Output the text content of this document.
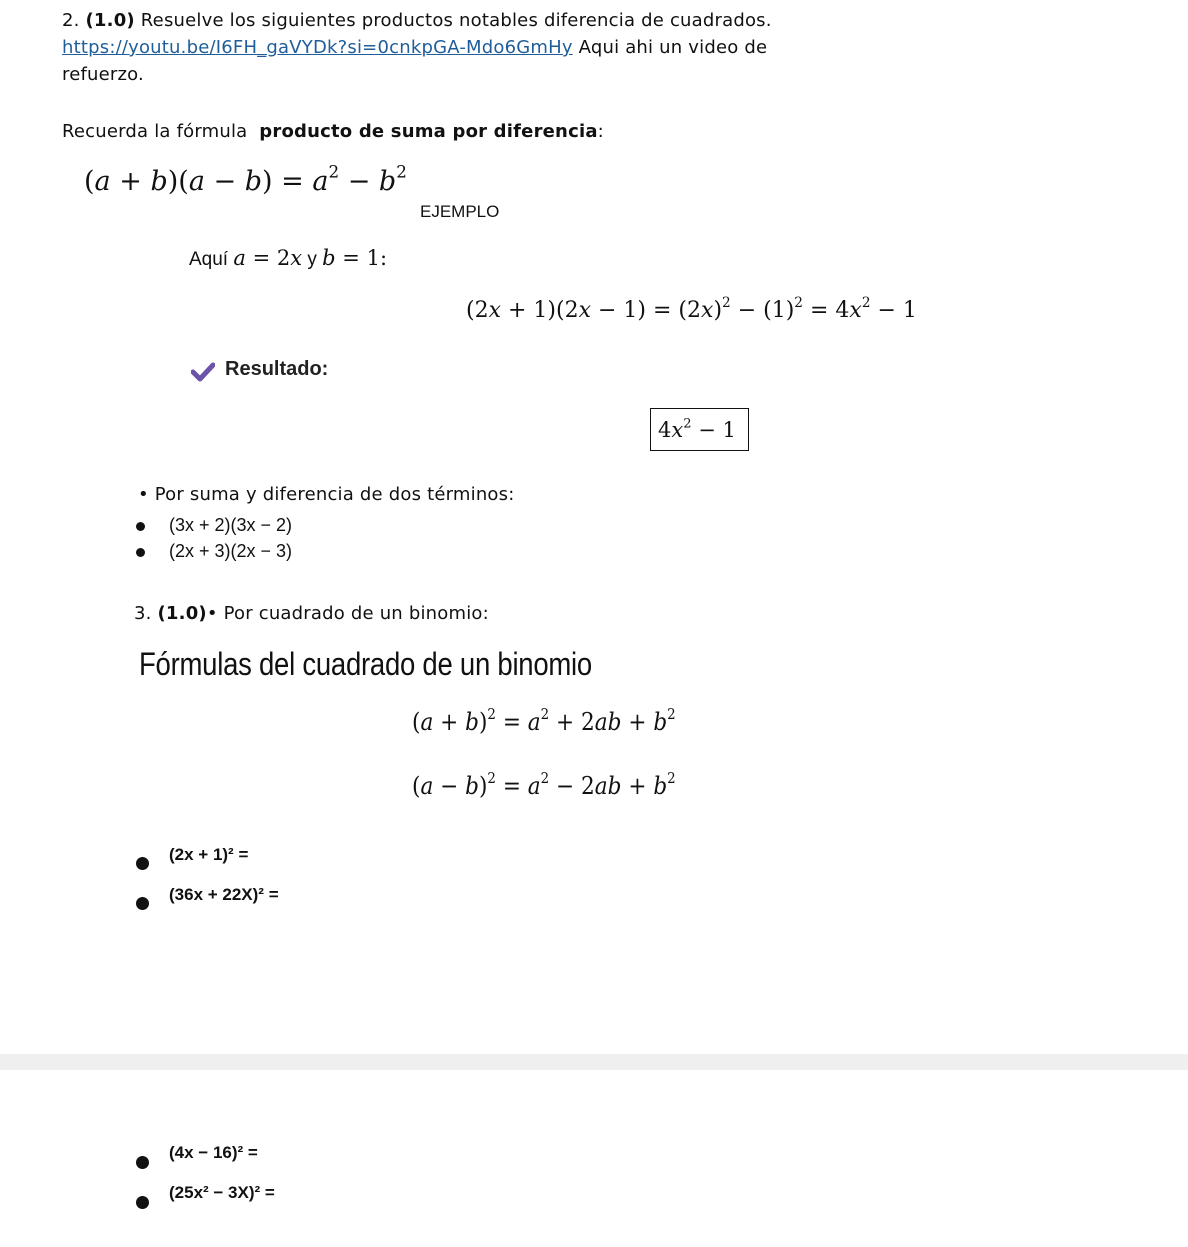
2. (1.0) Resuelve los siguientes productos notables diferencia de cuadrados.
https://youtu.be/I6FH_gaVYDk?si=0cnkpGA-Mdo6GmHy Aqui ahi un video de
refuerzo.
Recuerda la fórmula producto de suma por diferencia:
$(a + b)(a - b) = a^2 - b^2$
EJEMPLO
Aquí a = 2x y b = 1:
$(2x + 1)(2x - 1) = (2x)^2 - (1)^2 = 4x^2 - 1$
Resultado:
$4x^2 - 1$
• Por suma y diferencia de dos términos:
(3x + 2)(3x − 2)
(2x + 3)(2x − 3)
3. (1.0)• Por cuadrado de un binomio:
Fórmulas del cuadrado de un binomio
$(a + b)^2 = a^2 + 2ab + b^2$
$(a - b)^2 = a^2 - 2ab + b^2$
(2x + 1)² =
(36x + 22X)² =
(4x − 16)² =
(25x² − 3X)² =
